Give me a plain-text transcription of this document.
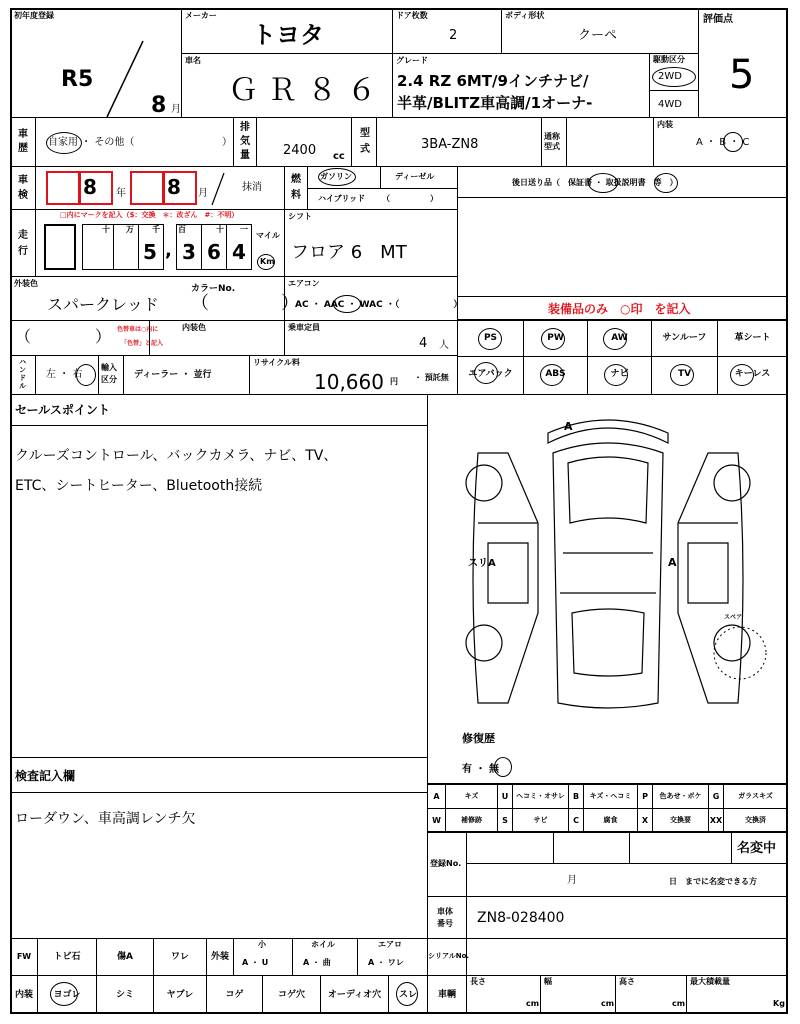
初年度登録
R5
8 月
メーカー
トヨタ
車名
Ｇ Ｒ ８ ６
ドア枚数
2
ボディ形状
クーペ
評価点
5
グレード
2.4 RZ 6MT/9インチナビ/
半革/BLITZ車高調/1オーナ-
駆動区分
2WD
4WD
車歴
自家用 ・ その他（	）
排気量	2400 cc
型式	3BA-ZN8
通称型式
内装
A ・ B ・ C
車検	8 年 8 月
抹消
燃料
ガソリン	ディーゼル
ハイブリッド （　　　　　）
後日送り品（　保証書 ・ 取扱説明書　等　）
走行
□内にマークを記入（$：交換　＊：改ざん　#：不明）
十 万 千 百	十 一
5 , 3 6 4
マイル
Km
シフト
フロア 6　MT
外装色
スパークレッド
カラーNo.
（　　　　）
エアコン
AC ・ AAC ・ WAC ・（　　　　　　）	装備品のみ　○印　を記入
（	） 色替車は○内に
「色替」と記入
内装色	乗車定員
4 人
ハンドル
左 ・ 右
輸入区分	ディーラー ・ 並行
リサイクル料
10,660 円 ・ 預託無
セールスポイント
クルーズコントロール、バックカメラ、ナビ、TV、
ETC、シートヒーター、Bluetooth接続
A
A
スリA
スペア
修復歴
有 ・ 無
検査記入欄
ローダウン、車高調レンチ欠
登録No.
名変中
月	日　までに名変できる方
車体番号	ZN8-028400
PS	PW	AW	サンルーフ	革シート
エアバック	ABS	ナビ	TV	キーレス
A	キズ	U	ヘコミ・オサレ	B	キズ・ヘコミ	P	色あせ・ボケ	G	ガラスキズ
W	補修跡	S	サビ	C	腐食	X	交換要	XX	交換済
FW	トビ石	傷A	ワレ	外装
小
A ・ U
ホイル
A ・ 曲
エアロ
A ・ ワレ
シリアルNo.
内装	ヨゴレ	シミ	ヤブレ	コゲ	コゲ穴	オーディオ穴	スレ	車輌
長さ
cm
幅
cm
高さ
cm
最大積載量
Kg
